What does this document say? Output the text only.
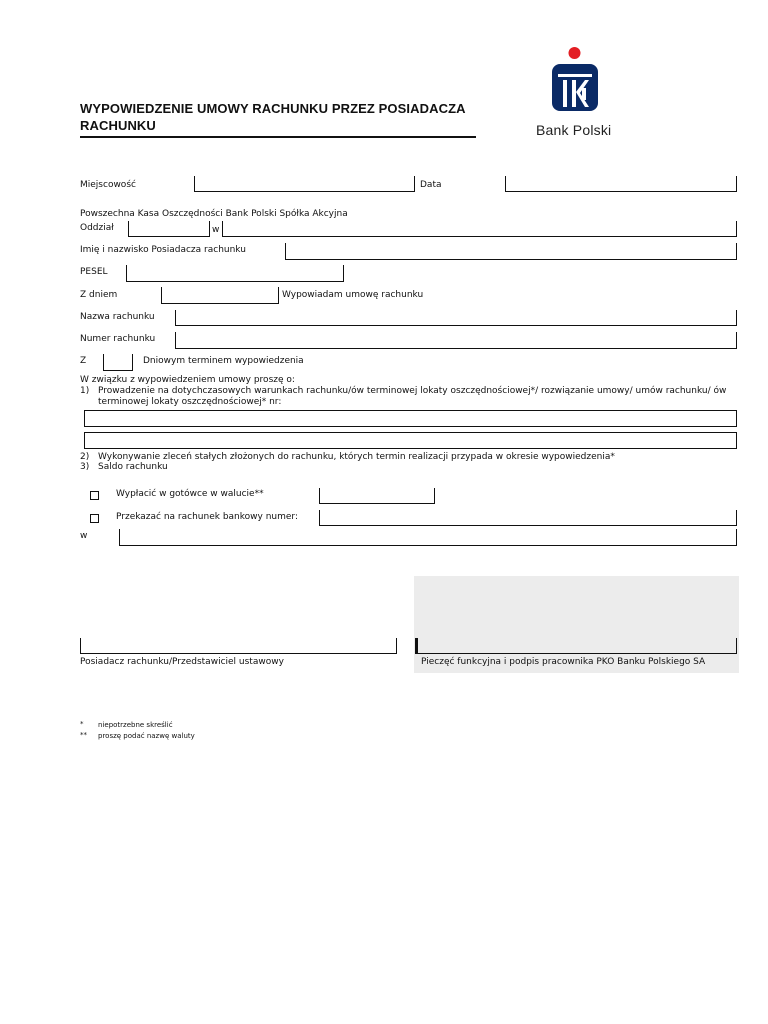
Bank Polski
WYPOWIEDZENIE UMOWY RACHUNKU PRZEZ POSIADACZA RACHUNKU
Miejscowość	Data
Powszechna Kasa Oszczędności Bank Polski Spółka Akcyjna
Oddział	w
Imię i nazwisko Posiadacza rachunku
PESEL
Z dniem	Wypowiadam umowę rachunku
Nazwa rachunku
Numer rachunku
Z	Dniowym terminem wypowiedzenia
W związku z wypowiedzeniem umowy proszę o:
1) Prowadzenie na dotychczasowych warunkach rachunku/ów terminowej lokaty oszczędnościowej*/ rozwiązanie umowy/ umów rachunku/ ów
terminowej lokaty oszczędnościowej* nr:
2) Wykonywanie zleceń stałych złożonych do rachunku, których termin realizacji przypada w okresie wypowiedzenia*
3) Saldo rachunku
Wypłacić w gotówce w walucie**
Przekazać na rachunek bankowy numer:
w
Posiadacz rachunku/Przedstawiciel ustawowy	Pieczęć funkcyjna i podpis pracownika PKO Banku Polskiego SA
* niepotrzebne skreślić
** proszę podać nazwę waluty
